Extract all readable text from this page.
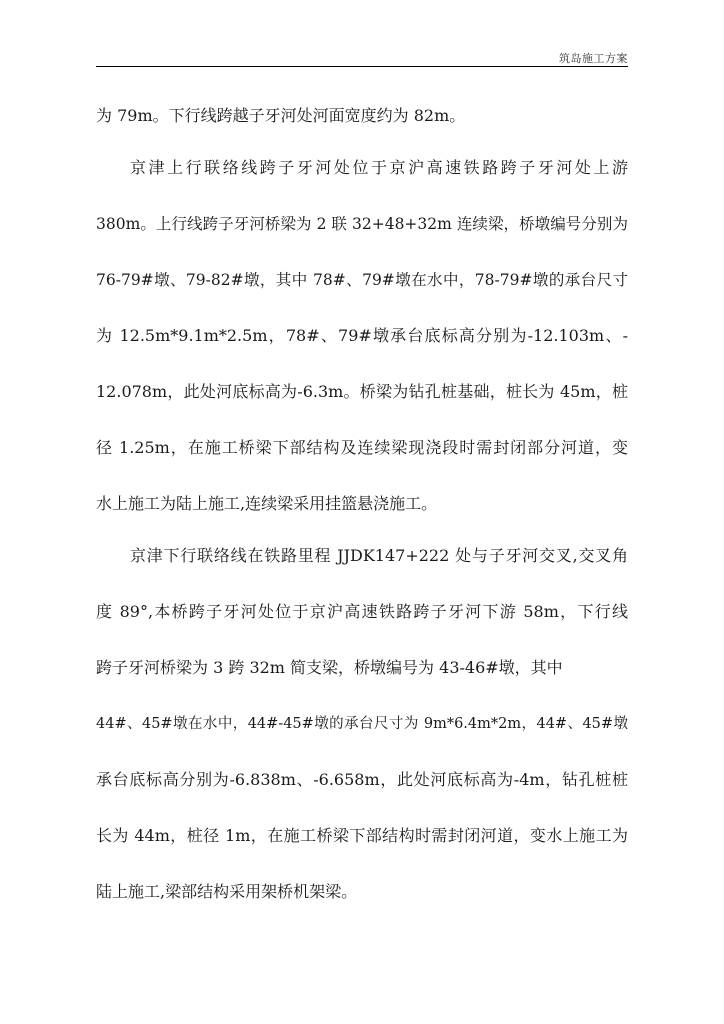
筑岛施工方案
为 79m。下行线跨越子牙河处河面宽度约为 82m。
京津上行联络线跨子牙河处位于京沪高速铁路跨子牙河处上游
380m。上行线跨子牙河桥梁为 2 联 32+48+32m 连续梁，桥墩编号分别为
76-79#墩、79-82#墩，其中 78#、79#墩在水中，78-79#墩的承台尺寸
为 12.5m*9.1m*2.5m，78#、79#墩承台底标高分别为-12.103m、-
12.078m，此处河底标高为-6.3m。桥梁为钻孔桩基础，桩长为 45m，桩
径 1.25m，在施工桥梁下部结构及连续梁现浇段时需封闭部分河道，变
水上施工为陆上施工,连续梁采用挂篮悬浇施工。
京津下行联络线在铁路里程 JJDK147+222 处与子牙河交叉,交叉角
度 89°,本桥跨子牙河处位于京沪高速铁路跨子牙河下游 58m，下行线
跨子牙河桥梁为 3 跨 32m 简支梁，桥墩编号为 43-46#墩，其中
44#、45#墩在水中，44#-45#墩的承台尺寸为 9m*6.4m*2m，44#、45#墩
承台底标高分别为-6.838m、-6.658m，此处河底标高为-4m，钻孔桩桩
长为 44m，桩径 1m，在施工桥梁下部结构时需封闭河道，变水上施工为
陆上施工,梁部结构采用架桥机架梁。
